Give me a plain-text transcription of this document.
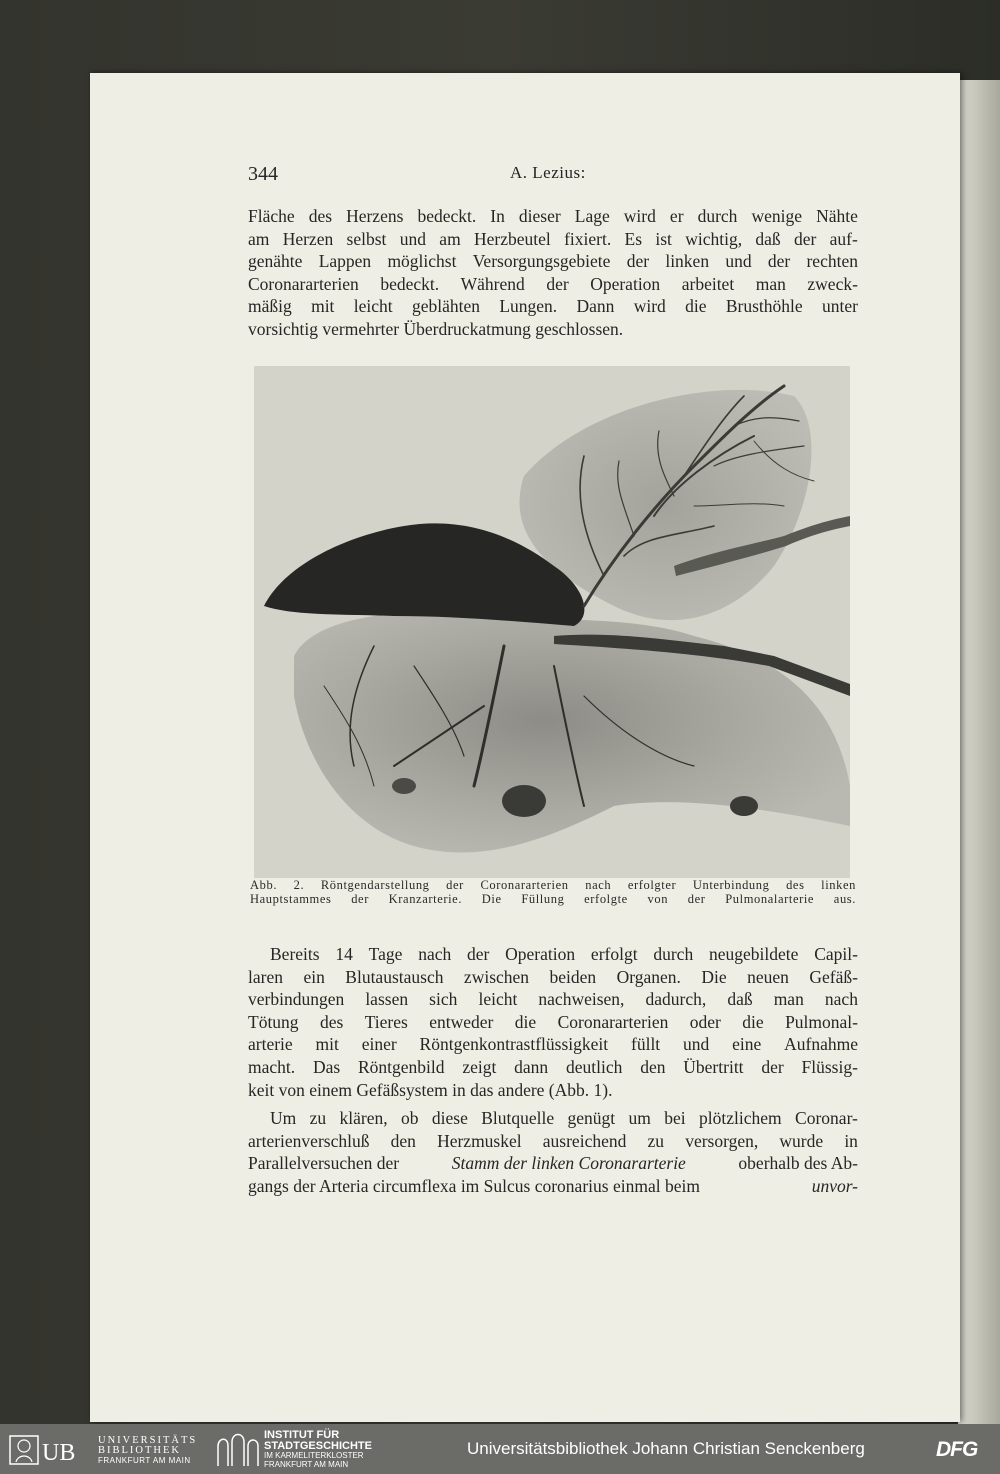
344	A. Lezius:
Fläche des Herzens bedeckt. In dieser Lage wird er durch wenige Nähte
am Herzen selbst und am Herzbeutel fixiert. Es ist wichtig, daß der auf-
genähte Lappen möglichst Versorgungsgebiete der linken und der rechten
Coronararterien bedeckt. Während der Operation arbeitet man zweck-
mäßig mit leicht geblähten Lungen. Dann wird die Brusthöhle unter
vorsichtig vermehrter Überdruckatmung geschlossen.
Abb. 2. Röntgendarstellung der Coronararterien nach erfolgter Unterbindung des linken
Hauptstammes der Kranzarterie. Die Füllung erfolgte von der Pulmonalarterie aus.
Bereits 14 Tage nach der Operation erfolgt durch neugebildete Capil-
laren ein Blutaustausch zwischen beiden Organen. Die neuen Gefäß-
verbindungen lassen sich leicht nachweisen, dadurch, daß man nach
Tötung des Tieres entweder die Coronararterien oder die Pulmonal-
arterie mit einer Röntgenkontrastflüssigkeit füllt und eine Aufnahme
macht. Das Röntgenbild zeigt dann deutlich den Übertritt der Flüssig-
keit von einem Gefäßsystem in das andere (Abb. 1).
Um zu klären, ob diese Blutquelle genügt um bei plötzlichem Coronar-
arterienverschluß den Herzmuskel ausreichend zu versorgen, wurde in
Parallelversuchen der	Stamm der linken Coronararterie	oberhalb des Ab-
gangs der Arteria circumflexa im Sulcus coronarius einmal beim	unvor-
UB UNIVERSITÄTS
BIBLIOTHEK
FRANKFURT AM MAIN
INSTITUT FÜR
STADTGESCHICHTE
IM KARMELITERKLOSTER
FRANKFURT AM MAIN
Universitätsbibliothek Johann Christian Senckenberg	DFG
